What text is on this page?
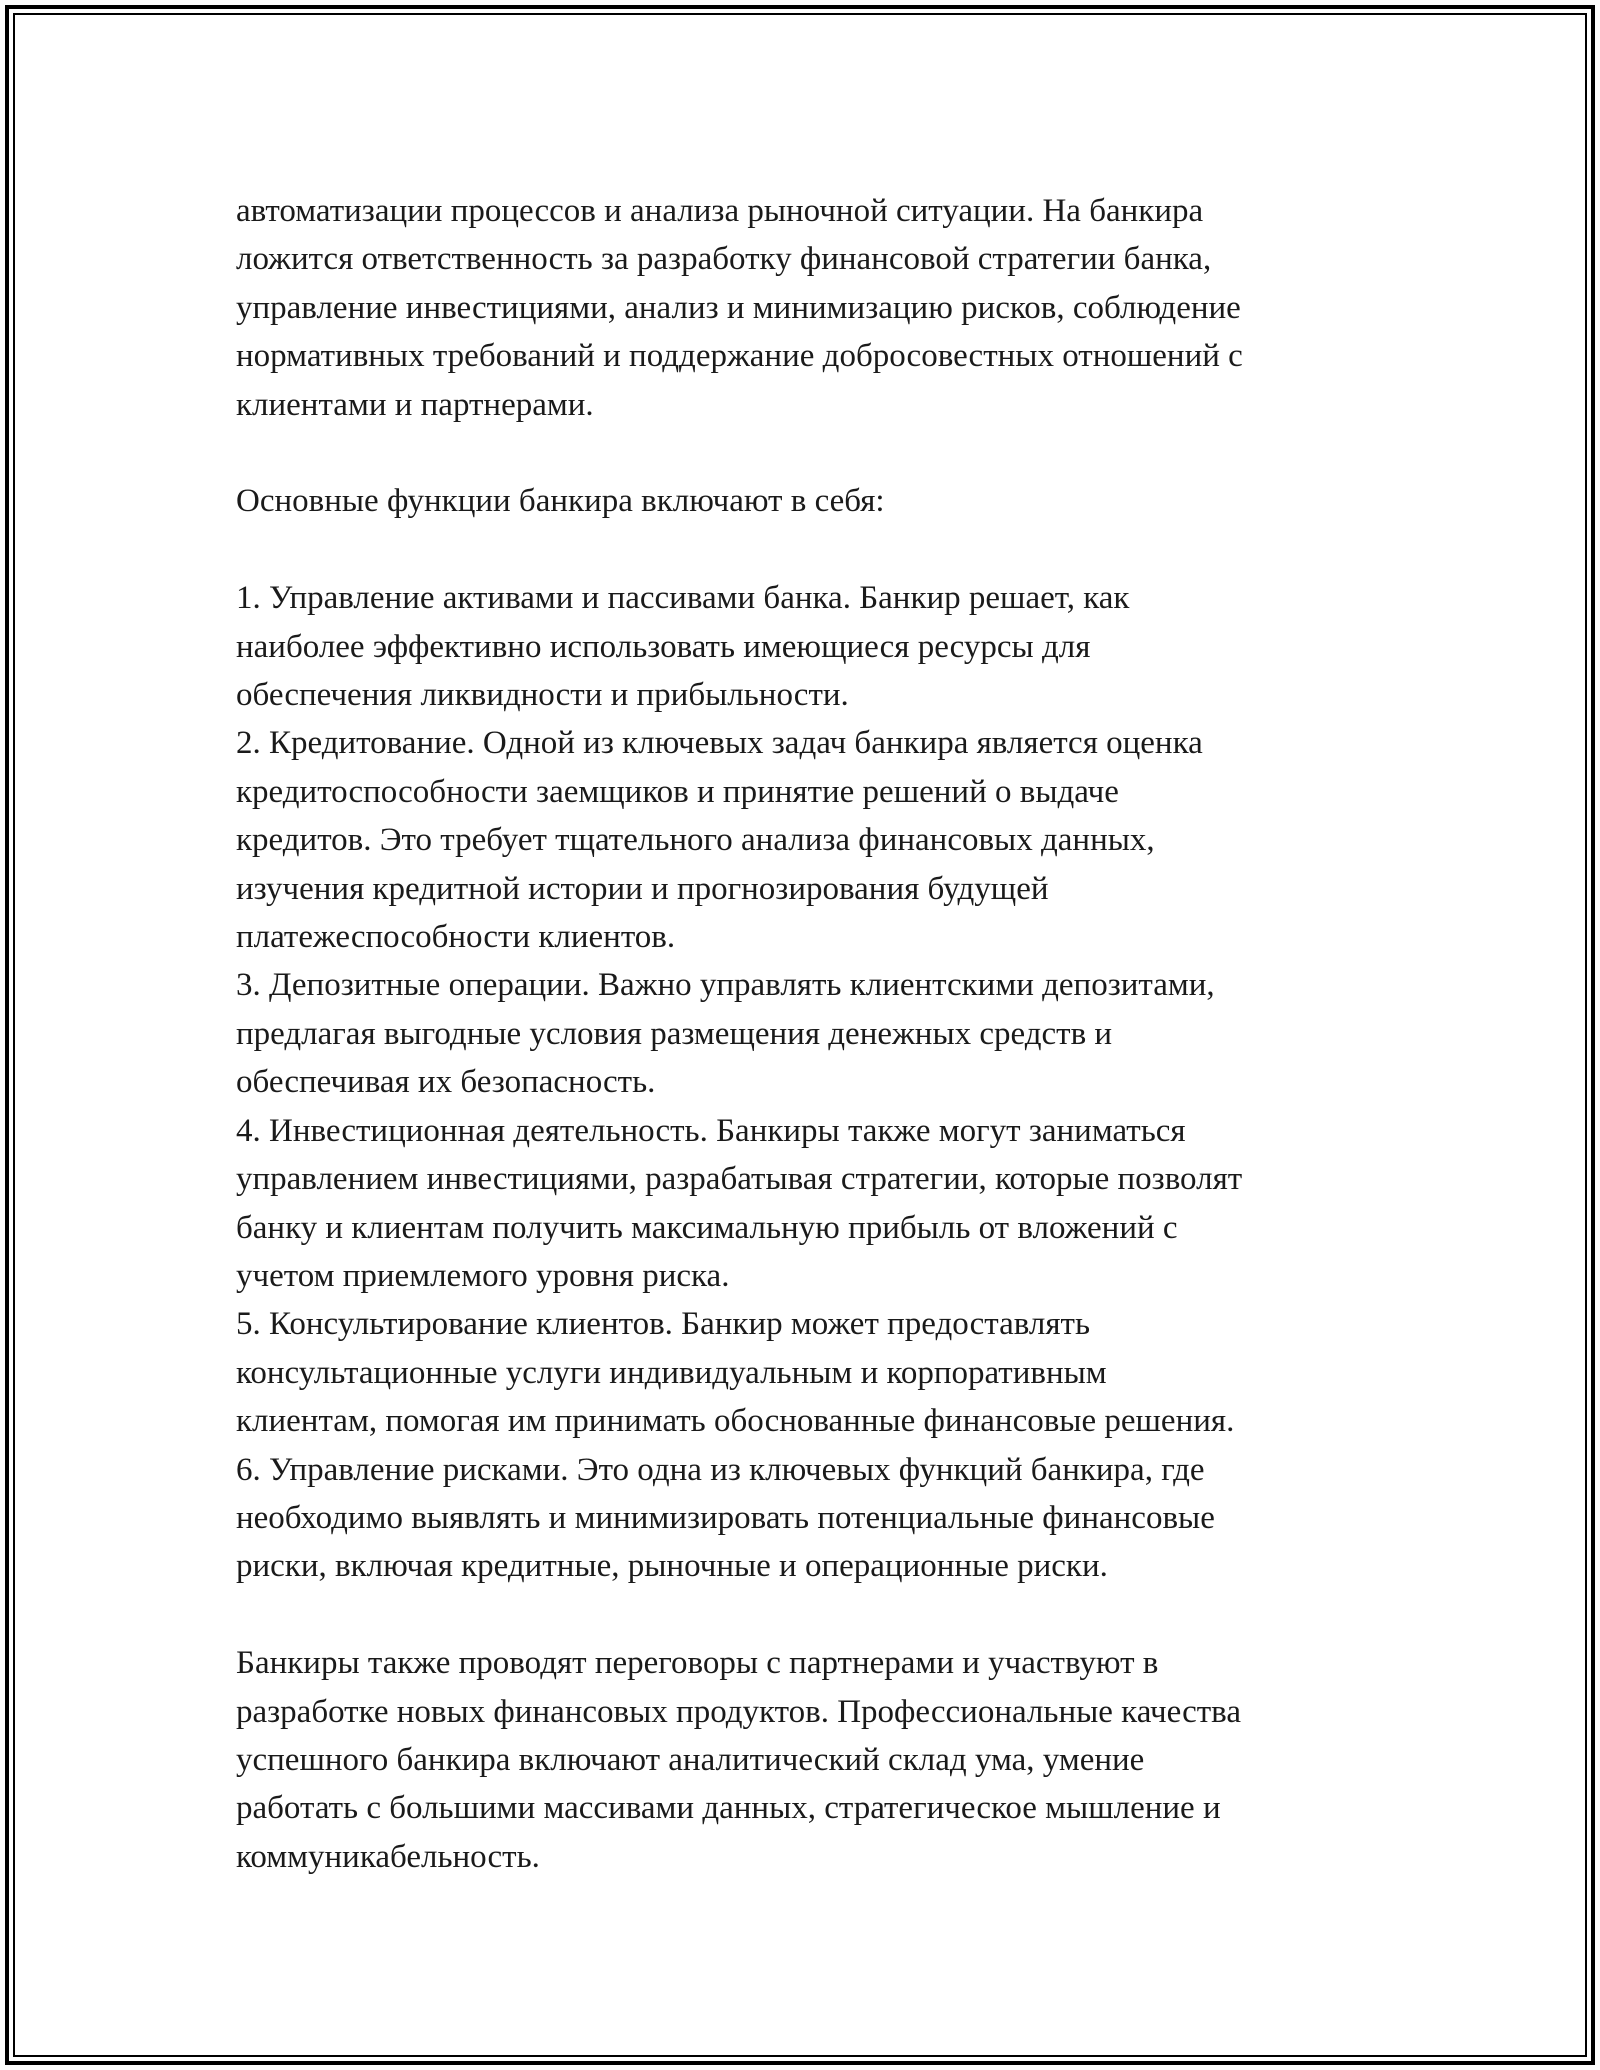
автоматизации процессов и анализа рыночной ситуации. На банкира
ложится ответственность за разработку финансовой стратегии банка,
управление инвестициями, анализ и минимизацию рисков, соблюдение
нормативных требований и поддержание добросовестных отношений с
клиентами и партнерами.
Основные функции банкира включают в себя:
1. Управление активами и пассивами банка. Банкир решает, как
наиболее эффективно использовать имеющиеся ресурсы для
обеспечения ликвидности и прибыльности.
2. Кредитование. Одной из ключевых задач банкира является оценка
кредитоспособности заемщиков и принятие решений о выдаче
кредитов. Это требует тщательного анализа финансовых данных,
изучения кредитной истории и прогнозирования будущей
платежеспособности клиентов.
3. Депозитные операции. Важно управлять клиентскими депозитами,
предлагая выгодные условия размещения денежных средств и
обеспечивая их безопасность.
4. Инвестиционная деятельность. Банкиры также могут заниматься
управлением инвестициями, разрабатывая стратегии, которые позволят
банку и клиентам получить максимальную прибыль от вложений с
учетом приемлемого уровня риска.
5. Консультирование клиентов. Банкир может предоставлять
консультационные услуги индивидуальным и корпоративным
клиентам, помогая им принимать обоснованные финансовые решения.
6. Управление рисками. Это одна из ключевых функций банкира, где
необходимо выявлять и минимизировать потенциальные финансовые
риски, включая кредитные, рыночные и операционные риски.
Банкиры также проводят переговоры с партнерами и участвуют в
разработке новых финансовых продуктов. Профессиональные качества
успешного банкира включают аналитический склад ума, умение
работать с большими массивами данных, стратегическое мышление и
коммуникабельность.
